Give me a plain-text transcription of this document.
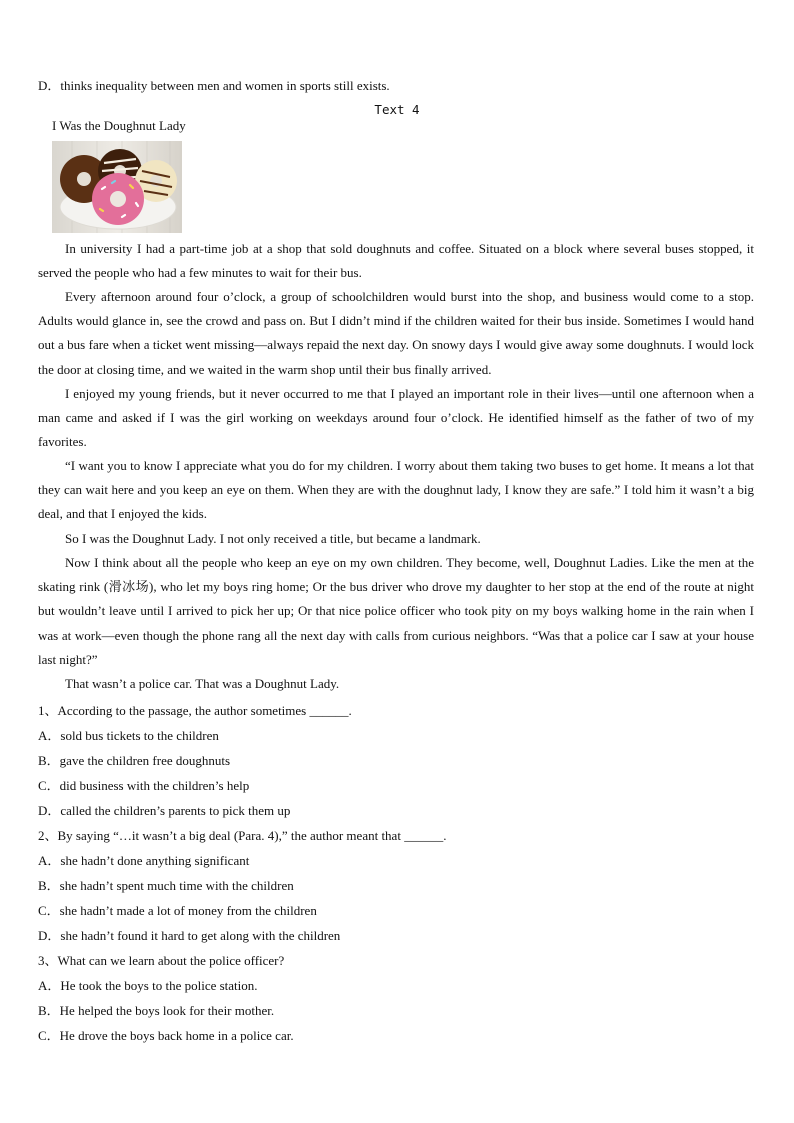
D．thinks inequality between men and women in sports still exists.
Text 4
I Was the Doughnut Lady

In university I had a part-time job at a shop that sold doughnuts and coffee. Situated on a block where several buses stopped, it served the people who had a few minutes to wait for their bus.

Every afternoon around four o’clock, a group of schoolchildren would burst into the shop, and business would come to a stop. Adults would glance in, see the crowd and pass on. But I didn’t mind if the children waited for their bus inside. Sometimes I would hand out a bus fare when a ticket went missing—always repaid the next day. On snowy days I would give away some doughnuts. I would lock the door at closing time, and we waited in the warm shop until their bus finally arrived.

I enjoyed my young friends, but it never occurred to me that I played an important role in their lives—until one afternoon when a man came and asked if I was the girl working on weekdays around four o’clock. He identified himself as the father of two of my favorites.

“I want you to know I appreciate what you do for my children. I worry about them taking two buses to get home. It means a lot that they can wait here and you keep an eye on them. When they are with the doughnut lady, I know they are safe.” I told him it wasn’t a big deal, and that I enjoyed the kids.

So I was the Doughnut Lady. I not only received a title, but became a landmark.

Now I think about all the people who keep an eye on my own children. They become, well, Doughnut Ladies. Like the men at the skating rink (滑冰场), who let my boys ring home; Or the bus driver who drove my daughter to her stop at the end of the route at night but wouldn’t leave until I arrived to pick her up; Or that nice police officer who took pity on my boys walking home in the rain when I was at work—even though the phone rang all the next day with calls from curious neighbors. “Was that a police car I saw at your house last night?”

That wasn’t a police car. That was a Doughnut Lady.

1、According to the passage, the author sometimes ______.
A．sold bus tickets to the children
B．gave the children free doughnuts
C．did business with the children’s help
D．called the children’s parents to pick them up
2、By saying “…it wasn’t a big deal (Para. 4),” the author meant that ______.
A．she hadn’t done anything significant
B．she hadn’t spent much time with the children
C．she hadn’t made a lot of money from the children
D．she hadn’t found it hard to get along with the children
3、What can we learn about the police officer?
A．He took the boys to the police station.
B．He helped the boys look for their mother.
C．He drove the boys back home in a police car.
